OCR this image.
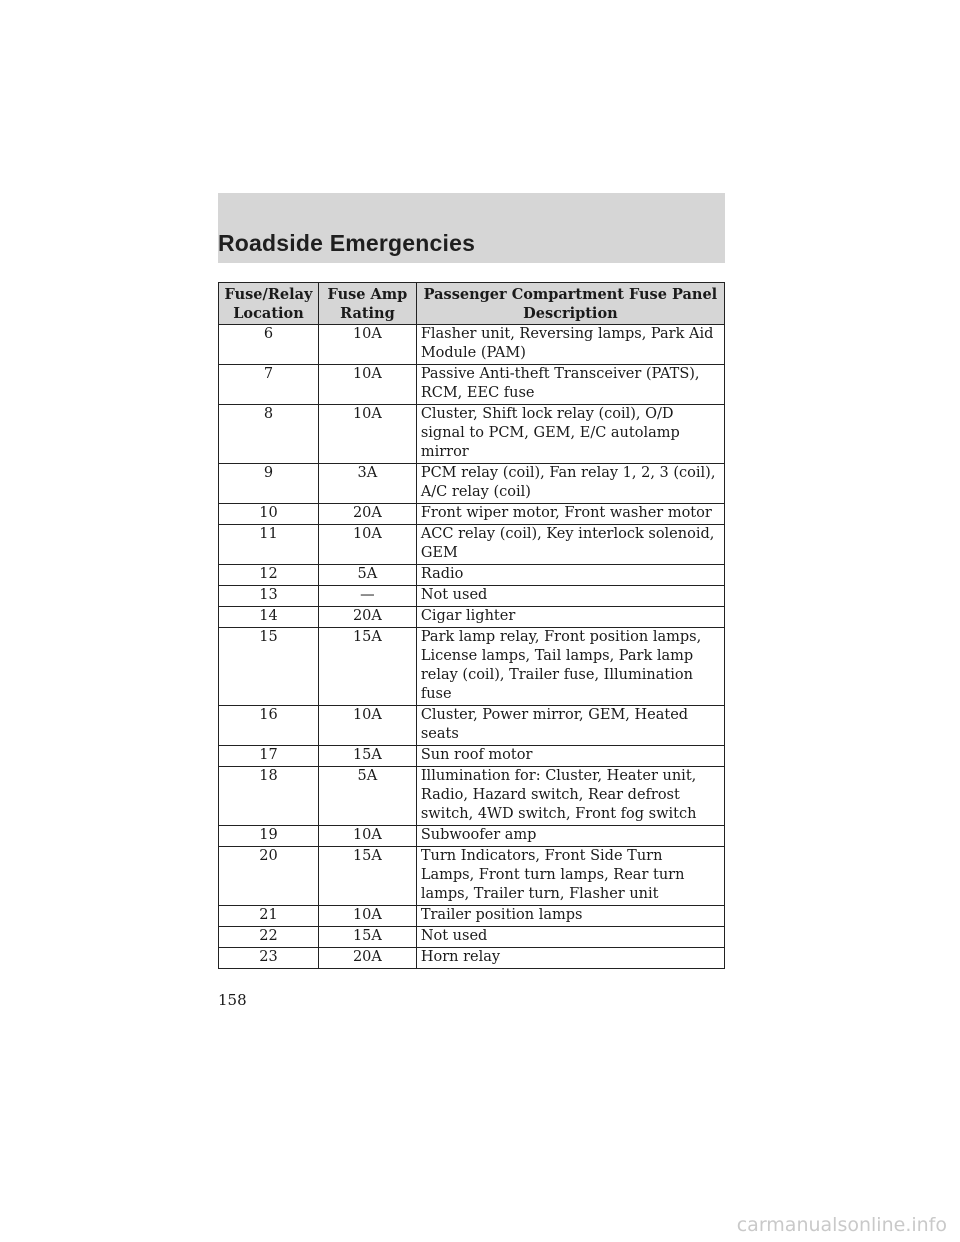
Roadside Emergencies
Fuse/Relay Location	Fuse Amp Rating	Passenger Compartment Fuse Panel Description
6	10A	Flasher unit, Reversing lamps, Park Aid Module (PAM)
7	10A	Passive Anti-theft Transceiver (PATS), RCM, EEC fuse
8	10A	Cluster, Shift lock relay (coil), O/D signal to PCM, GEM, E/C autolamp mirror
9	3A	PCM relay (coil), Fan relay 1, 2, 3 (coil), A/C relay (coil)
10	20A	Front wiper motor, Front washer motor
11	10A	ACC relay (coil), Key interlock solenoid, GEM
12	5A	Radio
13	—	Not used
14	20A	Cigar lighter
15	15A	Park lamp relay, Front position lamps, License lamps, Tail lamps, Park lamp relay (coil), Trailer fuse, Illumination fuse
16	10A	Cluster, Power mirror, GEM, Heated seats
17	15A	Sun roof motor
18	5A	Illumination for: Cluster, Heater unit, Radio, Hazard switch, Rear defrost switch, 4WD switch, Front fog switch
19	10A	Subwoofer amp
20	15A	Turn Indicators, Front Side Turn Lamps, Front turn lamps, Rear turn lamps, Trailer turn, Flasher unit
21	10A	Trailer position lamps
22	15A	Not used
23	20A	Horn relay

158

carmanualsonline.info
